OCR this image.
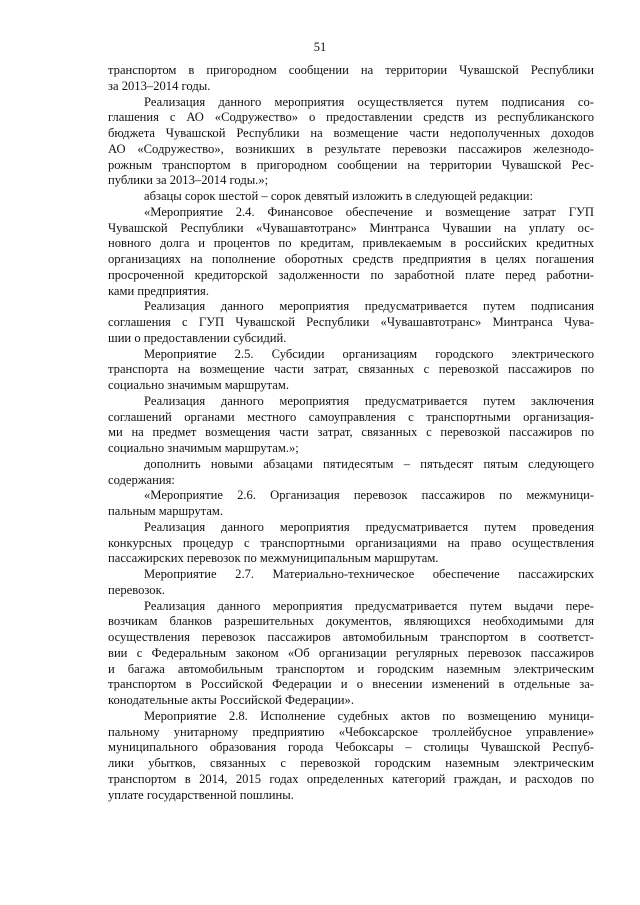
51
транспортом в пригородном сообщении на территории Чувашской Республики
за 2013–2014 годы.
Реализация данного мероприятия осуществляется путем подписания со-
глашения с АО «Содружество» о предоставлении средств из республиканского
бюджета Чувашской Республики на возмещение части недополученных доходов
АО «Содружество», возникших в результате перевозки пассажиров железнодо-
рожным транспортом в пригородном сообщении на территории Чувашской Рес-
публики за 2013–2014 годы.»;
абзацы сорок шестой – сорок девятый изложить в следующей редакции:
«Мероприятие 2.4. Финансовое обеспечение и возмещение затрат ГУП
Чувашской Республики «Чувашавтотранс» Минтранса Чувашии на уплату ос-
новного долга и процентов по кредитам, привлекаемым в российских кредитных
организациях на пополнение оборотных средств предприятия в целях погашения
просроченной кредиторской задолженности по заработной плате перед работни-
ками предприятия.
Реализация данного мероприятия предусматривается путем подписания
соглашения с ГУП Чувашской Республики «Чувашавтотранс» Минтранса Чува-
шии о предоставлении субсидий.
Мероприятие 2.5. Субсидии организациям городского электрического
транспорта на возмещение части затрат, связанных с перевозкой пассажиров по
социально значимым маршрутам.
Реализация данного мероприятия предусматривается путем заключения
соглашений органами местного самоуправления с транспортными организация-
ми на предмет возмещения части затрат, связанных с перевозкой пассажиров по
социально значимым маршрутам.»;
дополнить новыми абзацами пятидесятым – пятьдесят пятым следующего
содержания:
«Мероприятие 2.6. Организация перевозок пассажиров по межмуници-
пальным маршрутам.
Реализация данного мероприятия предусматривается путем проведения
конкурсных процедур с транспортными организациями на право осуществления
пассажирских перевозок по межмуниципальным маршрутам.
Мероприятие 2.7. Материально-техническое обеспечение пассажирских
перевозок.
Реализация данного мероприятия предусматривается путем выдачи пере-
возчикам бланков разрешительных документов, являющихся необходимыми для
осуществления перевозок пассажиров автомобильным транспортом в соответст-
вии с Федеральным законом «Об организации регулярных перевозок пассажиров
и багажа автомобильным транспортом и городским наземным электрическим
транспортом в Российской Федерации и о внесении изменений в отдельные за-
конодательные акты Российской Федерации».
Мероприятие 2.8. Исполнение судебных актов по возмещению муници-
пальному унитарному предприятию «Чебоксарское троллейбусное управление»
муниципального образования города Чебоксары – столицы Чувашской Респуб-
лики убытков, связанных с перевозкой городским наземным электрическим
транспортом в 2014, 2015 годах определенных категорий граждан, и расходов по
уплате государственной пошлины.
